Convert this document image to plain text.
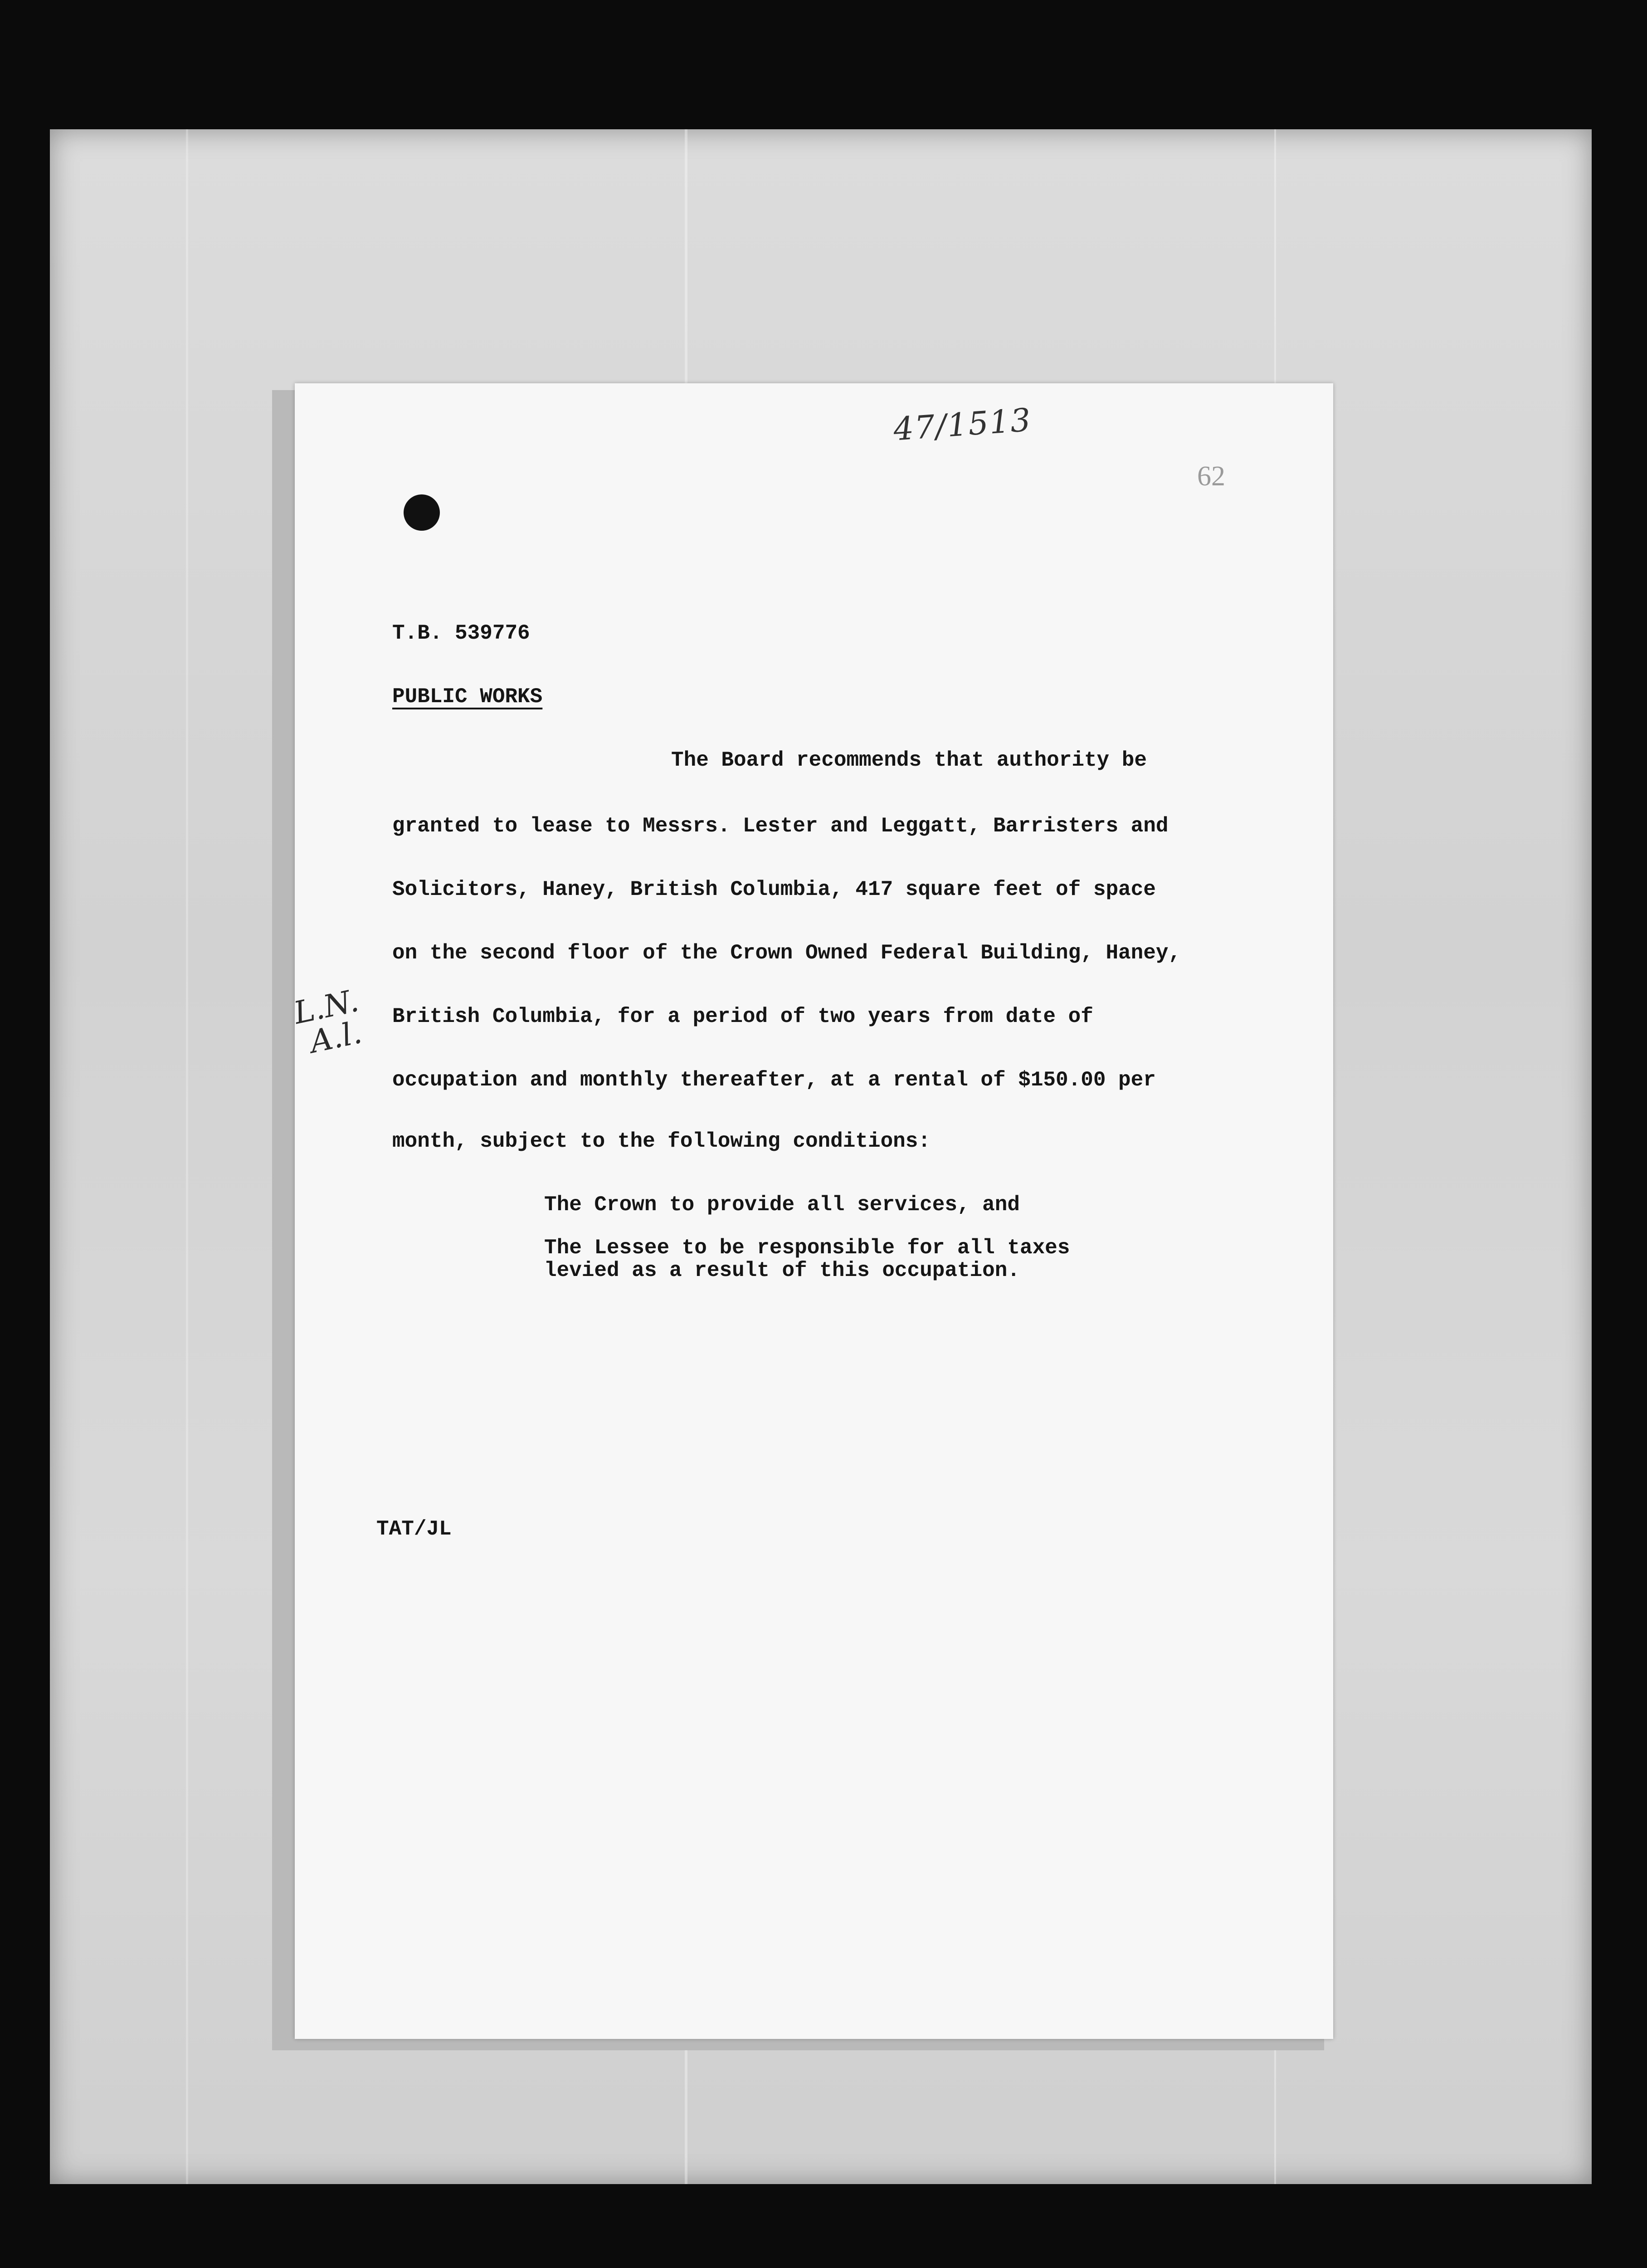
47/1513
62
T.B. 539776
PUBLIC WORKS
The Board recommends that authority be
granted to lease to Messrs. Lester and Leggatt, Barristers and
Solicitors, Haney, British Columbia, 417 square feet of space
on the second floor of the Crown Owned Federal Building, Haney,
British Columbia, for a period of two years from date of
occupation and monthly thereafter, at a rental of $150.00 per
month, subject to the following conditions:
The Crown to provide all services, and
The Lessee to be responsible for all taxes
levied as a result of this occupation.
TAT/JL
L.N.
A.l.
